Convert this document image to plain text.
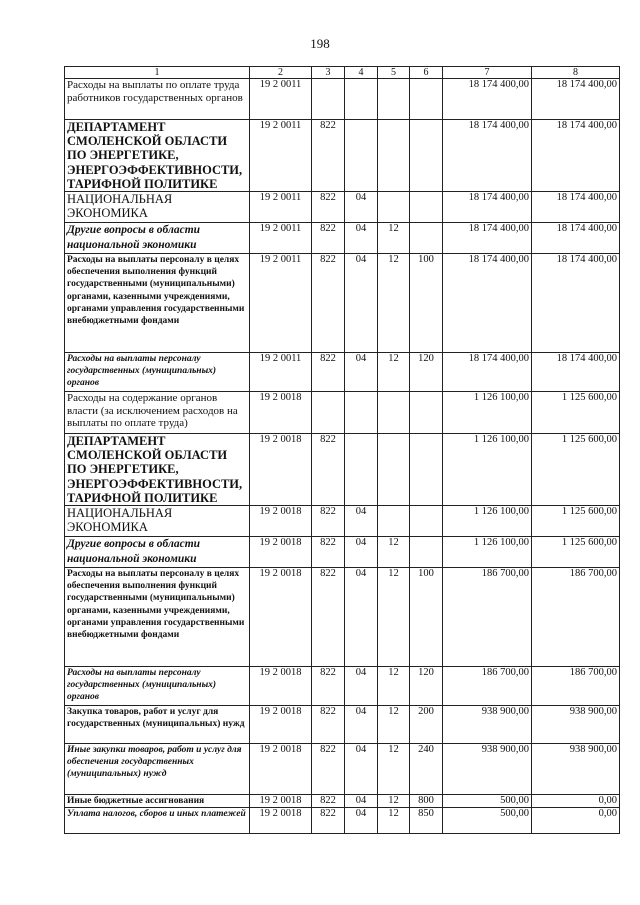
198
1	2	3	4	5	6	7	8
Расходы на выплаты по оплате труда работников государственных органов	19 2 0011					18 174 400,00	18 174 400,00
ДЕПАРТАМЕНТ СМОЛЕНСКОЙ ОБЛАСТИ ПО ЭНЕРГЕТИКЕ, ЭНЕРГОЭФФЕКТИВНОСТИ, ТАРИФНОЙ ПОЛИТИКЕ	19 2 0011	822				18 174 400,00	18 174 400,00
НАЦИОНАЛЬНАЯ ЭКОНОМИКА	19 2 0011	822	04			18 174 400,00	18 174 400,00
Другие вопросы в области национальной экономики	19 2 0011	822	04	12		18 174 400,00	18 174 400,00
Расходы на выплаты персоналу в целях обеспечения выполнения функций государственными (муниципальными) органами, казенными учреждениями, органами управления государственными внебюджетными фондами	19 2 0011	822	04	12	100	18 174 400,00	18 174 400,00
Расходы на выплаты персоналу государственных (муниципальных) органов	19 2 0011	822	04	12	120	18 174 400,00	18 174 400,00
Расходы на содержание органов власти (за исключением расходов на выплаты по оплате труда)	19 2 0018					1 126 100,00	1 125 600,00
ДЕПАРТАМЕНТ СМОЛЕНСКОЙ ОБЛАСТИ ПО ЭНЕРГЕТИКЕ, ЭНЕРГОЭФФЕКТИВНОСТИ, ТАРИФНОЙ ПОЛИТИКЕ	19 2 0018	822				1 126 100,00	1 125 600,00
НАЦИОНАЛЬНАЯ ЭКОНОМИКА	19 2 0018	822	04			1 126 100,00	1 125 600,00
Другие вопросы в области национальной экономики	19 2 0018	822	04	12		1 126 100,00	1 125 600,00
Расходы на выплаты персоналу в целях обеспечения выполнения функций государственными (муниципальными) органами, казенными учреждениями, органами управления государственными внебюджетными фондами	19 2 0018	822	04	12	100	186 700,00	186 700,00
Расходы на выплаты персоналу государственных (муниципальных) органов	19 2 0018	822	04	12	120	186 700,00	186 700,00
Закупка товаров, работ и услуг для государственных (муниципальных) нужд	19 2 0018	822	04	12	200	938 900,00	938 900,00
Иные закупки товаров, работ и услуг для обеспечения государственных (муниципальных) нужд	19 2 0018	822	04	12	240	938 900,00	938 900,00
Иные бюджетные ассигнования	19 2 0018	822	04	12	800	500,00	0,00
Уплата налогов, сборов и иных платежей	19 2 0018	822	04	12	850	500,00	0,00
